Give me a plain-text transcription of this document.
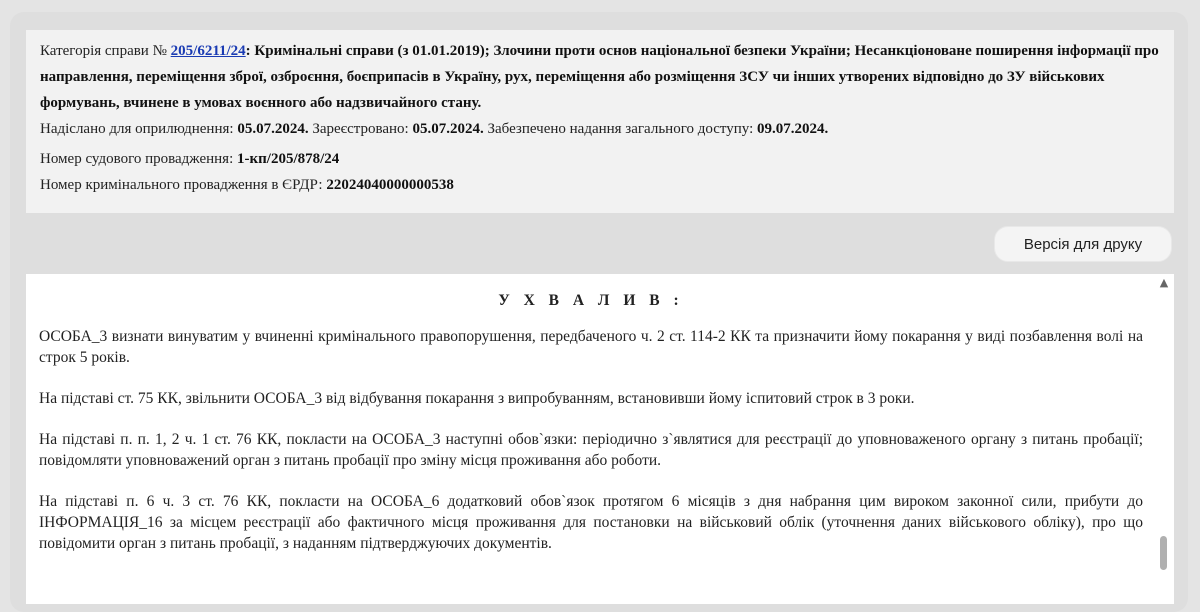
Категорія справи № 205/6211/24: Кримінальні справи (з 01.01.2019); Злочини проти основ національної безпеки України; Несанкціоноване поширення інформації про направлення, переміщення зброї, озброєння, боєприпасів в Україну, рух, переміщення або розміщення ЗСУ чи інших утворених відповідно до ЗУ військових формувань, вчинене в умовах воєнного або надзвичайного стану.

Надіслано для оприлюднення: 05.07.2024. Зареєстровано: 05.07.2024. Забезпечено надання загального доступу: 09.07.2024.

Номер судового провадження: 1-кп/205/878/24

Номер кримінального провадження в ЄРДР: 22024040000000538

Версія для друку
У Х В А Л И В :

ОСОБА_3 визнати винуватим у вчиненні кримінального правопорушення, передбаченого ч. 2 ст. 114-2 КК та призначити йому покарання у виді позбавлення волі на строк 5 років.

На підставі ст. 75 КК, звільнити ОСОБА_3 від відбування покарання з випробуванням, встановивши йому іспитовий строк в 3 роки.

На підставі п. п. 1, 2 ч. 1 ст. 76 КК, покласти на ОСОБА_3 наступні обов`язки: періодично з`являтися для реєстрації до уповноваженого органу з питань пробації; повідомляти уповноважений орган з питань пробації про зміну місця проживання або роботи.

На підставі п. 6 ч. 3 ст. 76 КК, покласти на ОСОБА_6 додатковий обов`язок протягом 6 місяців з дня набрання цим вироком законної сили, прибути до ІНФОРМАЦІЯ_16 за місцем реєстрації або фактичного місця проживання для постановки на військовий облік (уточнення даних військового обліку), про що повідомити орган з питань пробації, з наданням підтверджуючих документів.

▲
